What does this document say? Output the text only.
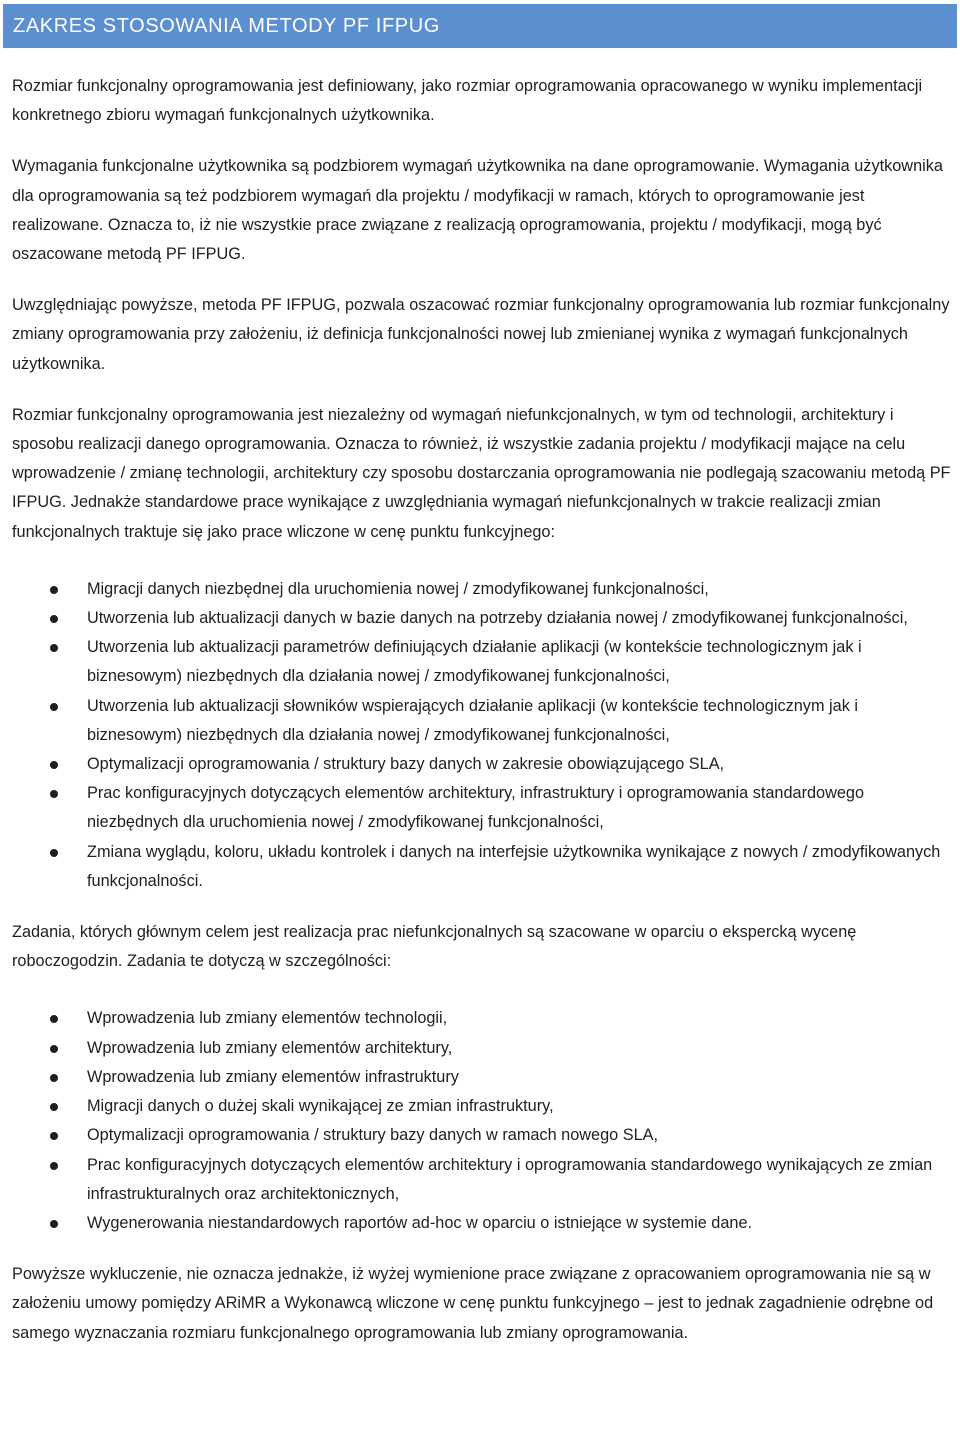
ZAKRES STOSOWANIA METODY PF IFPUG

Rozmiar funkcjonalny oprogramowania jest definiowany, jako rozmiar oprogramowania opracowanego w wyniku implementacji konkretnego zbioru wymagań funkcjonalnych użytkownika.

Wymagania funkcjonalne użytkownika są podzbiorem wymagań użytkownika na dane oprogramowanie. Wymagania użytkownika dla oprogramowania są też podzbiorem wymagań dla projektu / modyfikacji w ramach, których to oprogramowanie jest realizowane. Oznacza to, iż nie wszystkie prace związane z realizacją oprogramowania, projektu / modyfikacji, mogą być oszacowane metodą PF IFPUG.

Uwzględniając powyższe, metoda PF IFPUG, pozwala oszacować rozmiar funkcjonalny oprogramowania lub rozmiar funkcjonalny zmiany oprogramowania przy założeniu, iż definicja funkcjonalności nowej lub zmienianej wynika z wymagań funkcjonalnych użytkownika.

Rozmiar funkcjonalny oprogramowania jest niezależny od wymagań niefunkcjonalnych, w tym od technologii, architektury i sposobu realizacji danego oprogramowania. Oznacza to również, iż wszystkie zadania projektu / modyfikacji mające na celu wprowadzenie / zmianę technologii, architektury czy sposobu dostarczania oprogramowania nie podlegają szacowaniu metodą PF IFPUG. Jednakże standardowe prace wynikające z uwzględniania wymagań niefunkcjonalnych w trakcie realizacji zmian funkcjonalnych traktuje się jako prace wliczone w cenę punktu funkcyjnego:

Migracji danych niezbędnej dla uruchomienia nowej / zmodyfikowanej funkcjonalności,
Utworzenia lub aktualizacji danych w bazie danych na potrzeby działania nowej / zmodyfikowanej funkcjonalności,
Utworzenia lub aktualizacji parametrów definiujących działanie aplikacji (w kontekście technologicznym jak i biznesowym) niezbędnych dla działania nowej / zmodyfikowanej funkcjonalności,
Utworzenia lub aktualizacji słowników wspierających działanie aplikacji (w kontekście technologicznym jak i biznesowym) niezbędnych dla działania nowej / zmodyfikowanej funkcjonalności,
Optymalizacji oprogramowania / struktury bazy danych w zakresie obowiązującego SLA,
Prac konfiguracyjnych dotyczących elementów architektury, infrastruktury i oprogramowania standardowego niezbędnych dla uruchomienia nowej / zmodyfikowanej funkcjonalności,
Zmiana wyglądu, koloru, układu kontrolek i danych na interfejsie użytkownika wynikające z nowych / zmodyfikowanych funkcjonalności.

Zadania, których głównym celem jest realizacja prac niefunkcjonalnych są szacowane w oparciu o ekspercką wycenę roboczogodzin. Zadania te dotyczą w szczególności:

Wprowadzenia lub zmiany elementów technologii,
Wprowadzenia lub zmiany elementów architektury,
Wprowadzenia lub zmiany elementów infrastruktury
Migracji danych o dużej skali wynikającej ze zmian infrastruktury,
Optymalizacji oprogramowania / struktury bazy danych w ramach nowego SLA,
Prac konfiguracyjnych dotyczących elementów architektury i oprogramowania standardowego wynikających ze zmian infrastrukturalnych oraz architektonicznych,
Wygenerowania niestandardowych raportów ad-hoc w oparciu o istniejące w systemie dane.

Powyższe wykluczenie, nie oznacza jednakże, iż wyżej wymienione prace związane z opracowaniem oprogramowania nie są w założeniu umowy pomiędzy ARiMR a Wykonawcą wliczone w cenę punktu funkcyjnego – jest to jednak zagadnienie odrębne od samego wyznaczania rozmiaru funkcjonalnego oprogramowania lub zmiany oprogramowania.
